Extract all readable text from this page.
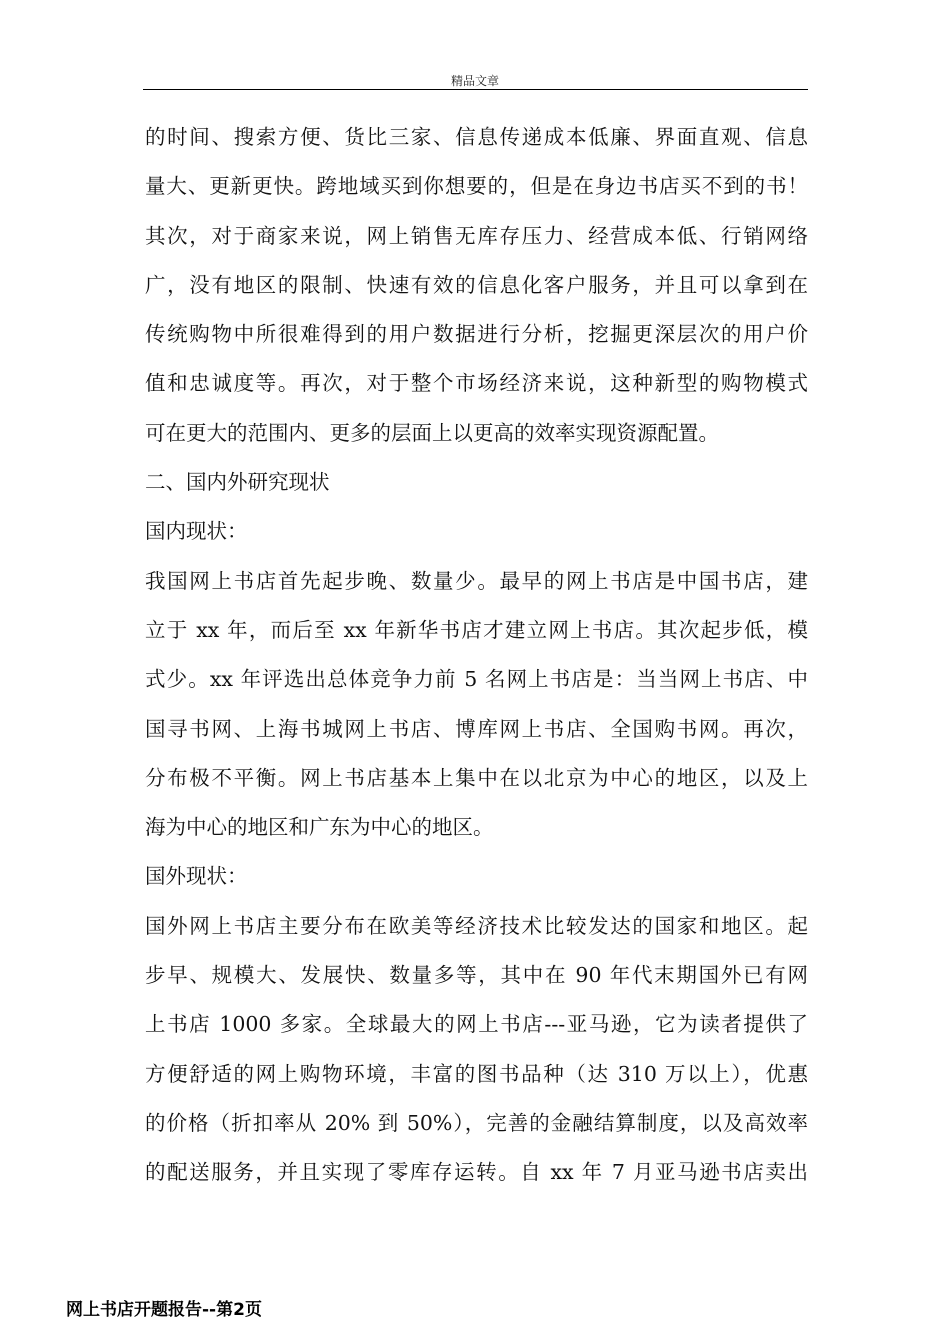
精品文章
的时间、搜索方便、货比三家、信息传递成本低廉、界面直观、信息
量大、更新更快。跨地域买到你想要的，但是在身边书店买不到的书！
其次，对于商家来说，网上销售无库存压力、经营成本低、行销网络
广，没有地区的限制、快速有效的信息化客户服务，并且可以拿到在
传统购物中所很难得到的用户数据进行分析，挖掘更深层次的用户价
值和忠诚度等。再次，对于整个市场经济来说，这种新型的购物模式
可在更大的范围内、更多的层面上以更高的效率实现资源配置。
二、国内外研究现状
国内现状：
我国网上书店首先起步晚、数量少。最早的网上书店是中国书店，建
立于 xx 年，而后至 xx 年新华书店才建立网上书店。其次起步低，模
式少。xx 年评选出总体竞争力前 5 名网上书店是：当当网上书店、中
国寻书网、上海书城网上书店、博库网上书店、全国购书网。再次，
分布极不平衡。网上书店基本上集中在以北京为中心的地区，以及上
海为中心的地区和广东为中心的地区。
国外现状：
国外网上书店主要分布在欧美等经济技术比较发达的国家和地区。起
步早、规模大、发展快、数量多等，其中在 90 年代末期国外已有网
上书店 1000 多家。全球最大的网上书店---亚马逊，它为读者提供了
方便舒适的网上购物环境，丰富的图书品种（达 310 万以上），优惠
的价格（折扣率从 20% 到 50%），完善的金融结算制度，以及高效率
的配送服务，并且实现了零库存运转。自 xx 年 7 月亚马逊书店卖出
网上书店开题报告--第2页
